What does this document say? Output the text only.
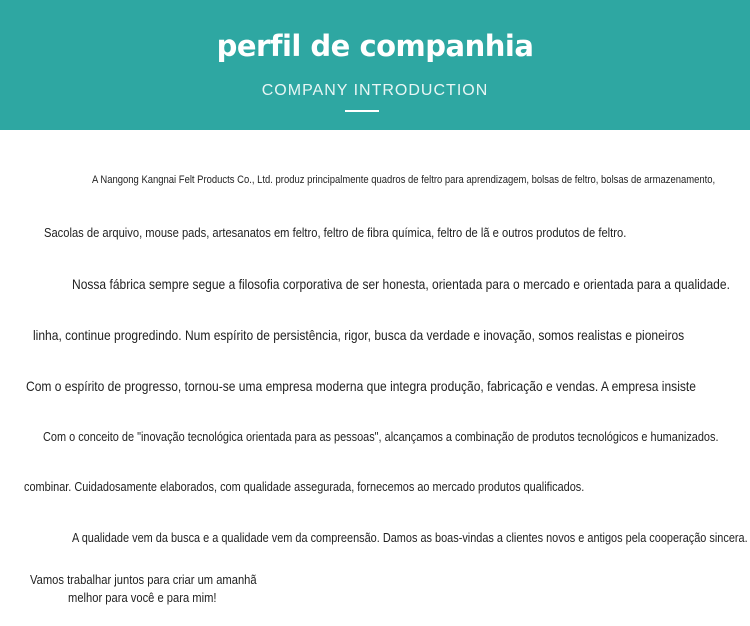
perfil de companhia
COMPANY INTRODUCTION
A Nangong Kangnai Felt Products Co., Ltd. produz principalmente quadros de feltro para aprendizagem, bolsas de feltro, bolsas de armazenamento,
Sacolas de arquivo, mouse pads, artesanatos em feltro, feltro de fibra química, feltro de lã e outros produtos de feltro.
Nossa fábrica sempre segue a filosofia corporativa de ser honesta, orientada para o mercado e orientada para a qualidade.
linha, continue progredindo. Num espírito de persistência, rigor, busca da verdade e inovação, somos realistas e pioneiros
Com o espírito de progresso, tornou-se uma empresa moderna que integra produção, fabricação e vendas. A empresa insiste
Com o conceito de "inovação tecnológica orientada para as pessoas", alcançamos a combinação de produtos tecnológicos e humanizados.
combinar. Cuidadosamente elaborados, com qualidade assegurada, fornecemos ao mercado produtos qualificados.
A qualidade vem da busca e a qualidade vem da compreensão. Damos as boas-vindas a clientes novos e antigos pela cooperação sincera.
Vamos trabalhar juntos para criar um amanhã
melhor para você e para mim!
